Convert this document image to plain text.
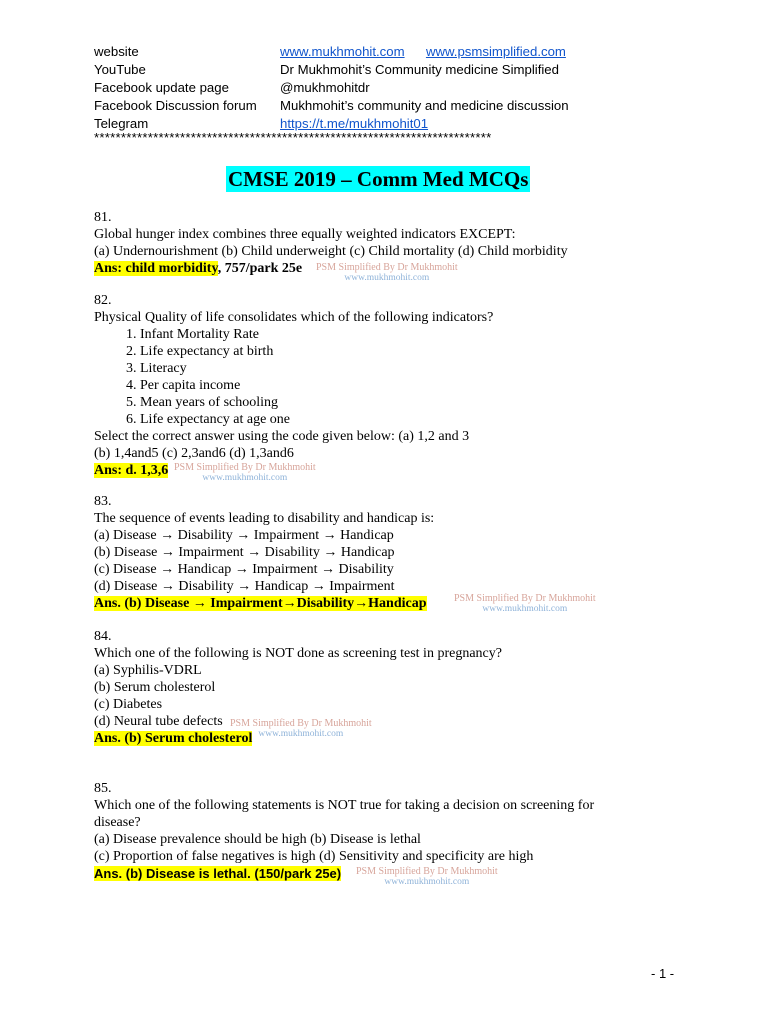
website	www.mukhmohit.com www.psmsimplified.com
YouTube	Dr Mukhmohit’s Community medicine Simplified
Facebook update page	@mukhmohitdr
Facebook Discussion forum	Mukhmohit’s community and medicine discussion
Telegram	https://t.me/mukhmohit01
**************************************************************************
CMSE 2019 – Comm Med MCQs
81.
Global hunger index combines three equally weighted indicators EXCEPT:
(a) Undernourishment (b) Child underweight (c) Child mortality (d) Child morbidity
Ans: child morbidity, 757/park 25e	PSM Simplified By Dr Mukhmohit
www.mukhmohit.com
82.
Physical Quality of life consolidates which of the following indicators?
1. Infant Mortality Rate
2. Life expectancy at birth
3. Literacy
4. Per capita income
5. Mean years of schooling
6. Life expectancy at age one
Select the correct answer using the code given below: (a) 1,2 and 3
(b) 1,4and5 (c) 2,3and6 (d) 1,3and6
Ans: d. 1,3,6 PSM Simplified By Dr Mukhmohit
www.mukhmohit.com
83.
The sequence of events leading to disability and handicap is:
(a) Disease → Disability → Impairment → Handicap
(b) Disease → Impairment → Disability → Handicap
(c) Disease → Handicap → Impairment → Disability
(d) Disease → Disability → Handicap → Impairment
Ans. (b) Disease → Impairment→Disability→Handicap	PSM Simplified By Dr Mukhmohit
www.mukhmohit.com
84.
Which one of the following is NOT done as screening test in pregnancy?
(a) Syphilis-VDRL
(b) Serum cholesterol
(c) Diabetes
(d) Neural tube defects
Ans. (b) Serum cholesterol
PSM Simplified By Dr Mukhmohit
www.mukhmohit.com
85.
Which one of the following statements is NOT true for taking a decision on screening for
disease?
(a) Disease prevalence should be high (b) Disease is lethal
(c) Proportion of false negatives is high (d) Sensitivity and specificity are high
Ans. (b) Disease is lethal. (150/park 25e)	PSM Simplified By Dr Mukhmohit
www.mukhmohit.com
- 1 -
